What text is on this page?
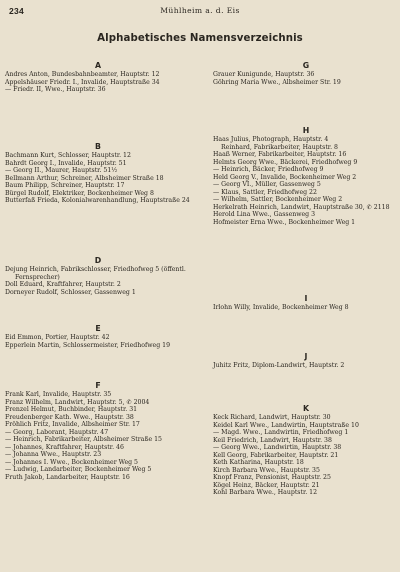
234	Mühlheim a. d. Eis
Alphabetisches Namensverzeichnis
A
Andres Anton, Bundesbahnbeamter, Hauptstr. 12
Appelshäuser Friedr. I., Invalide, Hauptstraße 34
— Friedr. II, Wwe., Hauptstr. 36
B
Bachmann Kurt, Schlosser, Hauptstr. 12
Bahrdt Georg I., Invalide, Hauptstr. 51
— Georg II., Maurer, Hauptstr. 51½
Bellmann Arthur, Schreiner, Albsheimer Straße 18
Baum Philipp, Schreiner, Hauptstr. 17
Bürgel Rudolf, Elektriker, Bockenheimer Weg 8
Butterfaß Frieda, Kolonialwarenhandlung, Hauptstraße 24
D
Dejung Heinrich, Fabrikschlosser, Friedhofweg 5 (öffentl. Fernsprecher)
Doll Eduard, Kraftfahrer, Hauptstr. 2
Dorneyer Rudolf, Schlosser, Gassenweg 1
E
Eid Emmon, Portier, Hauptstr. 42
Epperlein Martin, Schlossermeister, Friedhofweg 19
F
Frank Karl, Invalide, Hauptstr. 35
Franz Wilhelm, Landwirt, Hauptstr. 5, ✆ 2004
Frenzel Helmut, Buchbinder, Hauptstr. 31
Freudenberger Kath. Wwe., Hauptstr. 38
Fröhlich Fritz, Invalide, Albsheimer Str. 17
— Georg, Laborant, Hauptstr. 47
— Heinrich, Fabrikarbeiter, Albsheimer Straße 15
— Johannes, Kraftfahrer, Hauptstr. 46
— Johanna Wwe., Hauptstr. 23
— Johannes I. Wwe., Bockenheimer Weg 5
— Ludwig, Landarbeiter, Bockenheimer Weg 5
Fruth Jakob, Landarbeiter, Hauptstr. 16
G
Grauer Kunigunde, Hauptstr. 36
Göhring Maria Wwe., Albsheimer Str. 19
H
Haas Julius, Photograph, Hauptstr. 4
Reinhard, Fabrikarbeiter, Hauptstr. 8
Haaß Werner, Fabrikarbeiter, Hauptstr. 16
Helmts Georg Wwe., Bäckerei, Friedhofweg 9
— Heinrich, Bäcker, Friedhofweg 9
Held Georg V., Invalide, Bockenheimer Weg 2
— Georg VI., Müller, Gassenweg 5
— Klaus, Sattler, Friedhofweg 22
— Wilhelm, Sattler, Bockenheimer Weg 2
Herkelrath Heinrich, Landwirt, Hauptstraße 30, ✆ 2118
Herold Lina Wwe., Gassenweg 3
Hofmeister Erna Wwe., Bockenheimer Weg 1
I
Irlohn Willy, Invalide, Bockenheimer Weg 8
J
Juhitz Fritz, Diplom-Landwirt, Hauptstr. 2
K
Keck Richard, Landwirt, Hauptstr. 30
Keidel Karl Wwe., Landwirtin, Hauptstraße 10
— Magd. Wwe., Landwirtin, Friedhofweg 1
Keil Friedrich, Landwirt, Hauptstr. 38
— Georg Wwe., Landwirtin, Hauptstr. 38
Kell Georg, Fabrikarbeiter, Hauptstr. 21
Keth Katharina, Hauptstr. 18
Kirch Barbara Wwe., Hauptstr. 35
Knopf Franz, Pensionist, Hauptstr. 25
Kögel Heinz, Bäcker, Hauptstr. 21
Kohl Barbara Wwe., Hauptstr. 12
